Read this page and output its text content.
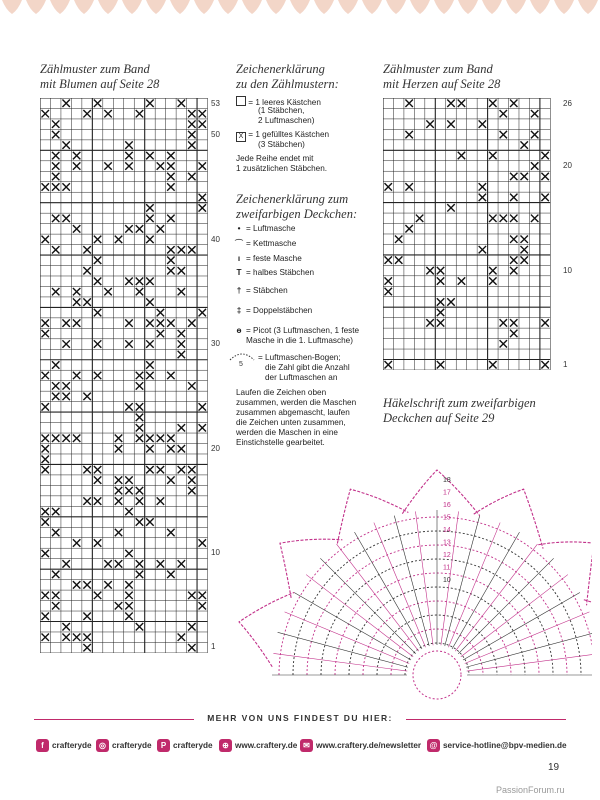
Zählmuster zum Band
mit Blumen auf Seite 28
53
50
40
30
20
10
1
Zeichenerklärung
zu den Zählmustern:
= 1 leeres Kästchen
(1 Stäbchen,
2 Luftmaschen)
X = 1 gefülltes Kästchen
(3 Stäbchen)
Jede Reihe endet mit
1 zusätzlichen Stäbchen.
Zeichenerklärung zum
zweifarbigen Deckchen:
• = Luftmasche
⌒ = Kettmasche
ı = feste Masche
T = halbes Stäbchen
† = Stäbchen
‡ = Doppelstäbchen
ɵ = Picot (3 Luftmaschen, 1 feste
Masche in die 1. Luftmasche)
5
= Luftmaschen-Bogen;
die Zahl gibt die Anzahl
der Luftmaschen an
Laufen die Zeichen oben
zusammen, werden die Maschen
zusammen abgemascht, laufen
die Zeichen unten zusammen,
werden die Maschen in eine
Einstichstelle gearbeitet.
Zählmuster zum Band
mit Herzen auf Seite 28
26
20
10
1
Häkelschrift zum zweifarbigen
Deckchen auf Seite 29
18
17
16
15
14
13
12
11
10
MEHR VON UNS FINDEST DU HIER:
f crafteryde ◎ crafteryde	P crafteryde	⊕ www.craftery.de ✉ www.craftery.de/newsletter	@ service-hotline@bpv-medien.de
19
PassionForum.ru
